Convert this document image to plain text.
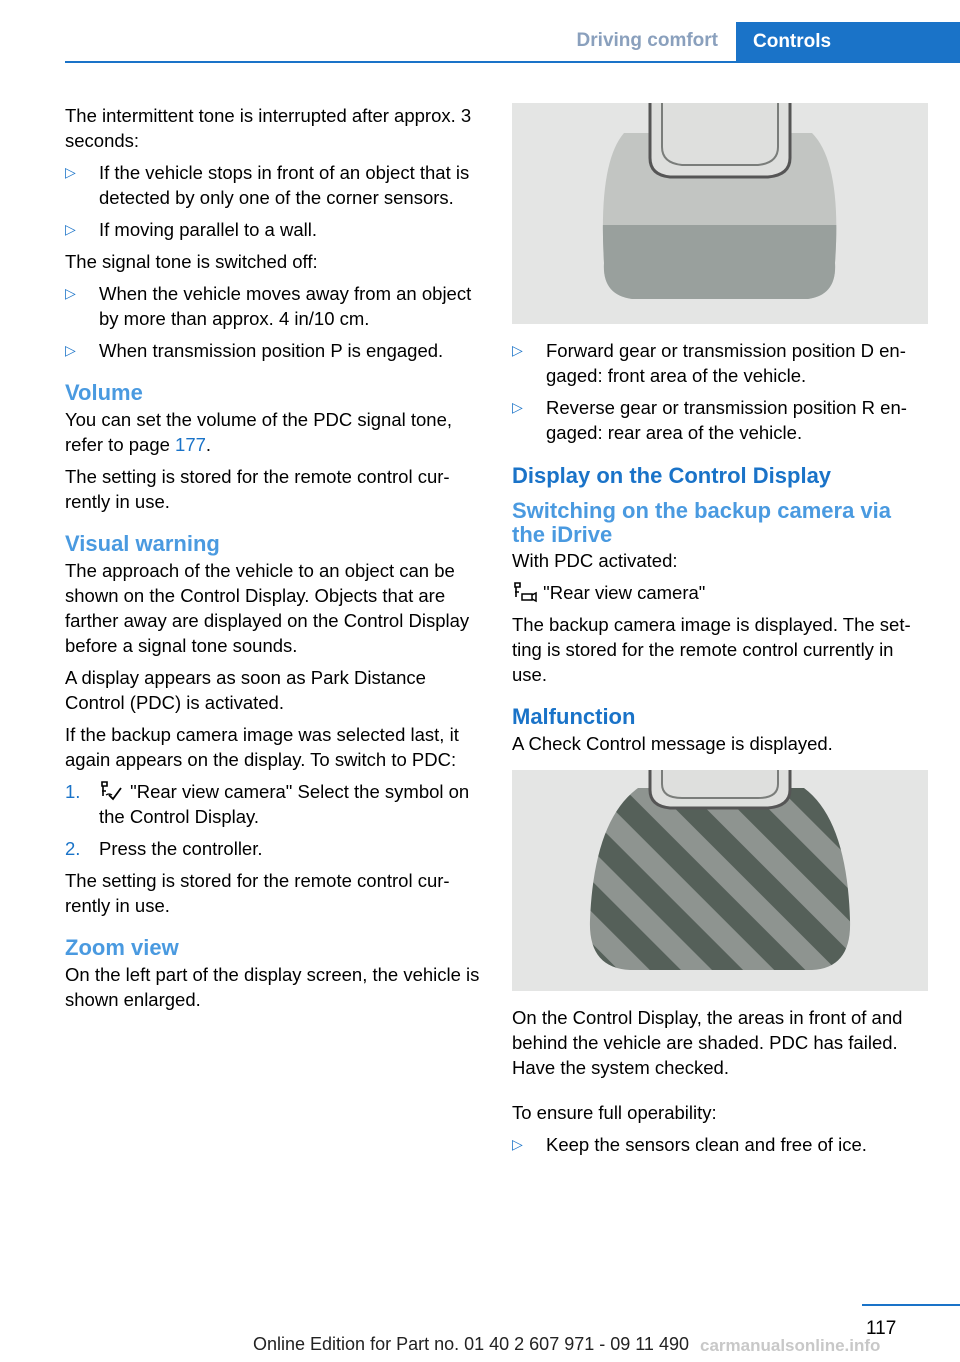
Driving comfort	Controls

The intermittent tone is interrupted after approx. 3 seconds:

▷ If the vehicle stops in front of an object that is detected by only one of the corner sensors.
▷ If moving parallel to a wall.

The signal tone is switched off:

▷ When the vehicle moves away from an object by more than approx. 4 in/10 cm.
▷ When transmission position P is engaged.
Volume

You can set the volume of the PDC signal tone, refer to page 177.

The setting is stored for the remote control currently in use.

Visual warning

The approach of the vehicle to an object can be shown on the Control Display. Objects that are farther away are displayed on the Control Display before a signal tone sounds.

A display appears as soon as Park Distance Control (PDC) is activated.

If the backup camera image was selected last, it again appears on the display. To switch to PDC:

1. "Rear view camera" Select the symbol on the Control Display.
2. Press the controller.

The setting is stored for the remote control currently in use.

Zoom view

On the left part of the display screen, the vehicle is shown enlarged.

▷ Forward gear or transmission position D engaged: front area of the vehicle.
▷ Reverse gear or transmission position R engaged: rear area of the vehicle.
Display on the Control Display
Switching on the backup camera via the iDrive

With PDC activated:

"Rear view camera"

The backup camera image is displayed. The setting is stored for the remote control currently in use.

Malfunction

A Check Control message is displayed.

On the Control Display, the areas in front of and behind the vehicle are shaded. PDC has failed. Have the system checked.

To ensure full operability:

▷ Keep the sensors clean and free of ice.
117
Online Edition for Part no. 01 40 2 607 971 - 09 11 490 carmanualsonline.info
